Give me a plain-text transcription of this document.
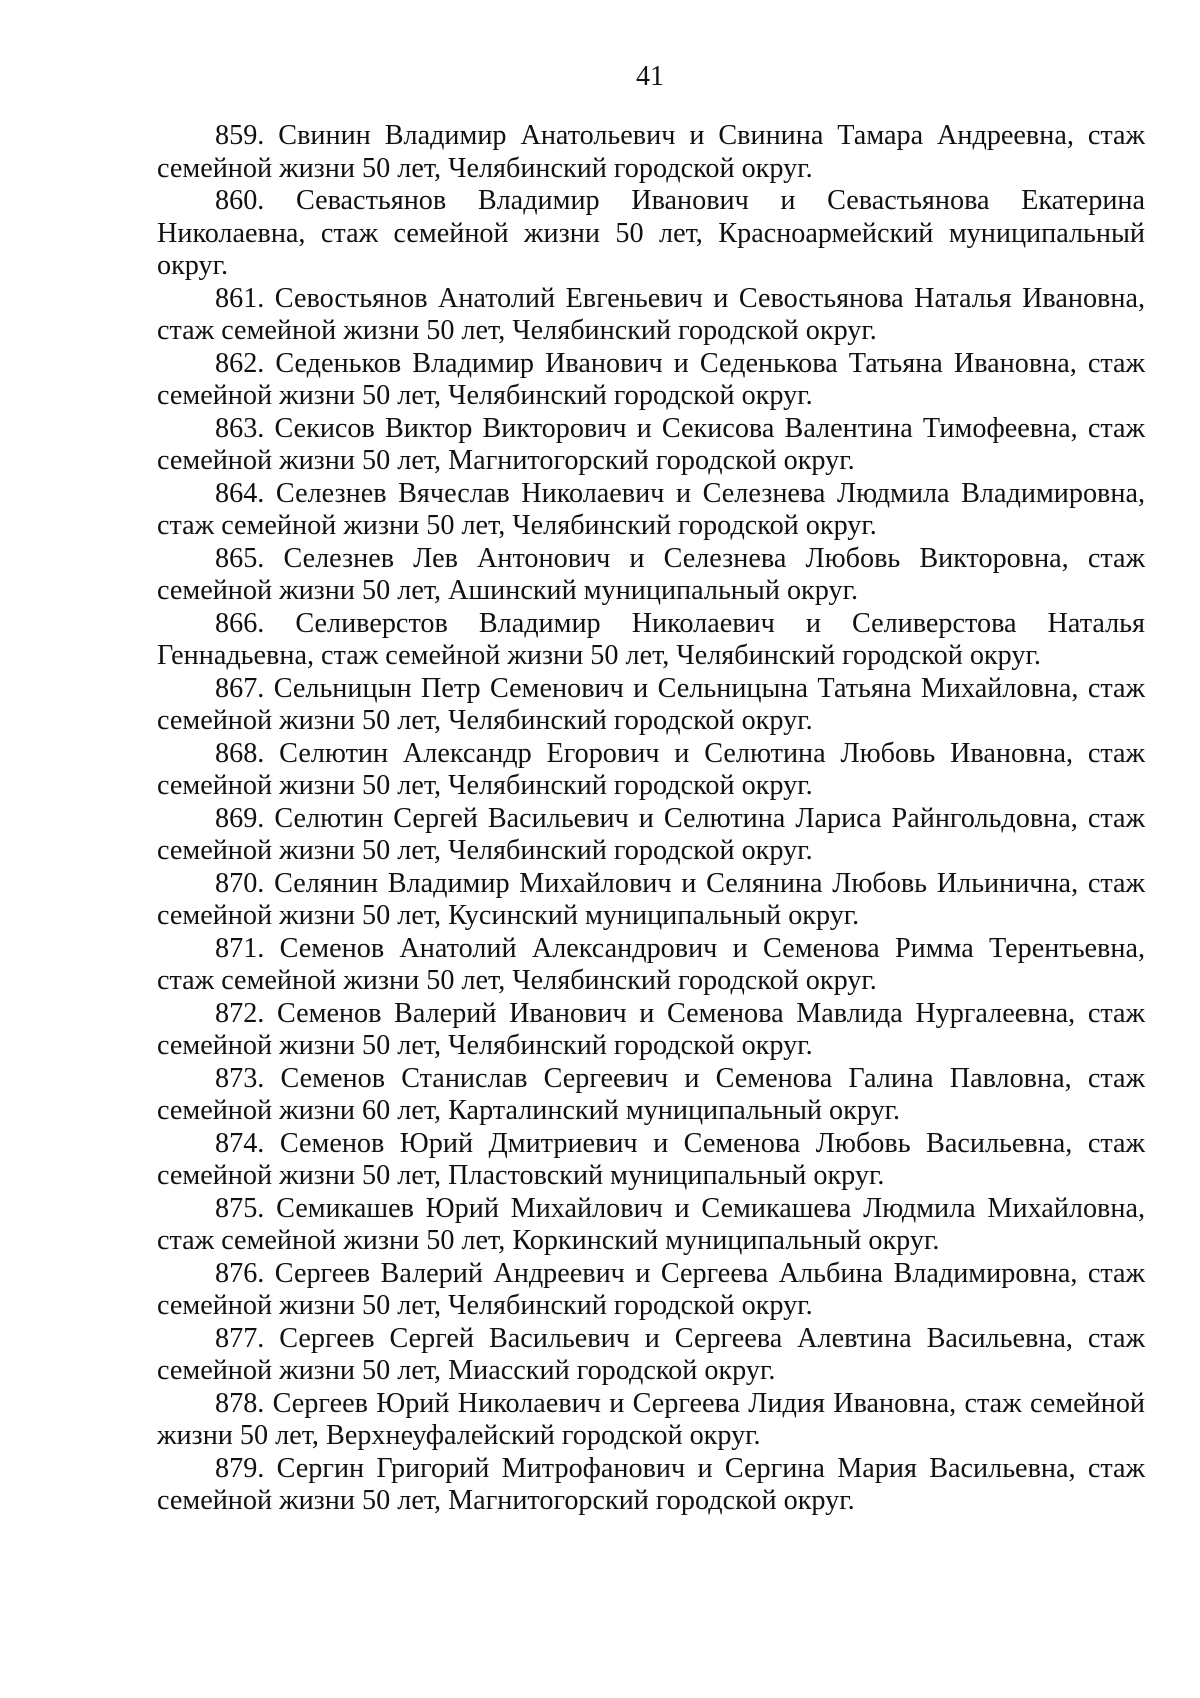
41

859. Свинин Владимир Анатольевич и Свинина Тамара Андреевна, стаж семейной жизни 50 лет, Челябинский городской округ.

860. Севастьянов Владимир Иванович и Севастьянова Екатерина Николаевна, стаж семейной жизни 50 лет, Красноармейский муниципальный округ.

861. Севостьянов Анатолий Евгеньевич и Севостьянова Наталья Ивановна, стаж семейной жизни 50 лет, Челябинский городской округ.

862. Седеньков Владимир Иванович и Седенькова Татьяна Ивановна, стаж семейной жизни 50 лет, Челябинский городской округ.

863. Секисов Виктор Викторович и Секисова Валентина Тимофеевна, стаж семейной жизни 50 лет, Магнитогорский городской округ.

864. Селезнев Вячеслав Николаевич и Селезнева Людмила Владимировна, стаж семейной жизни 50 лет, Челябинский городской округ.

865. Селезнев Лев Антонович и Селезнева Любовь Викторовна, стаж семейной жизни 50 лет, Ашинский муниципальный округ.

866. Селиверстов Владимир Николаевич и Селиверстова Наталья Геннадьевна, стаж семейной жизни 50 лет, Челябинский городской округ.

867. Сельницын Петр Семенович и Сельницына Татьяна Михайловна, стаж семейной жизни 50 лет, Челябинский городской округ.

868. Селютин Александр Егорович и Селютина Любовь Ивановна, стаж семейной жизни 50 лет, Челябинский городской округ.

869. Селютин Сергей Васильевич и Селютина Лариса Райнгольдовна, стаж семейной жизни 50 лет, Челябинский городской округ.

870. Селянин Владимир Михайлович и Селянина Любовь Ильинична, стаж семейной жизни 50 лет, Кусинский муниципальный округ.

871. Семенов Анатолий Александрович и Семенова Римма Терентьевна, стаж семейной жизни 50 лет, Челябинский городской округ.

872. Семенов Валерий Иванович и Семенова Мавлида Нургалеевна, стаж семейной жизни 50 лет, Челябинский городской округ.

873. Семенов Станислав Сергеевич и Семенова Галина Павловна, стаж семейной жизни 60 лет, Карталинский муниципальный округ.

874. Семенов Юрий Дмитриевич и Семенова Любовь Васильевна, стаж семейной жизни 50 лет, Пластовский муниципальный округ.

875. Семикашев Юрий Михайлович и Семикашева Людмила Михайловна, стаж семейной жизни 50 лет, Коркинский муниципальный округ.

876. Сергеев Валерий Андреевич и Сергеева Альбина Владимировна, стаж семейной жизни 50 лет, Челябинский городской округ.

877. Сергеев Сергей Васильевич и Сергеева Алевтина Васильевна, стаж семейной жизни 50 лет, Миасский городской округ.

878. Сергеев Юрий Николаевич и Сергеева Лидия Ивановна, стаж семейной жизни 50 лет, Верхнеуфалейский городской округ.

879. Сергин Григорий Митрофанович и Сергина Мария Васильевна, стаж семейной жизни 50 лет, Магнитогорский городской округ.
